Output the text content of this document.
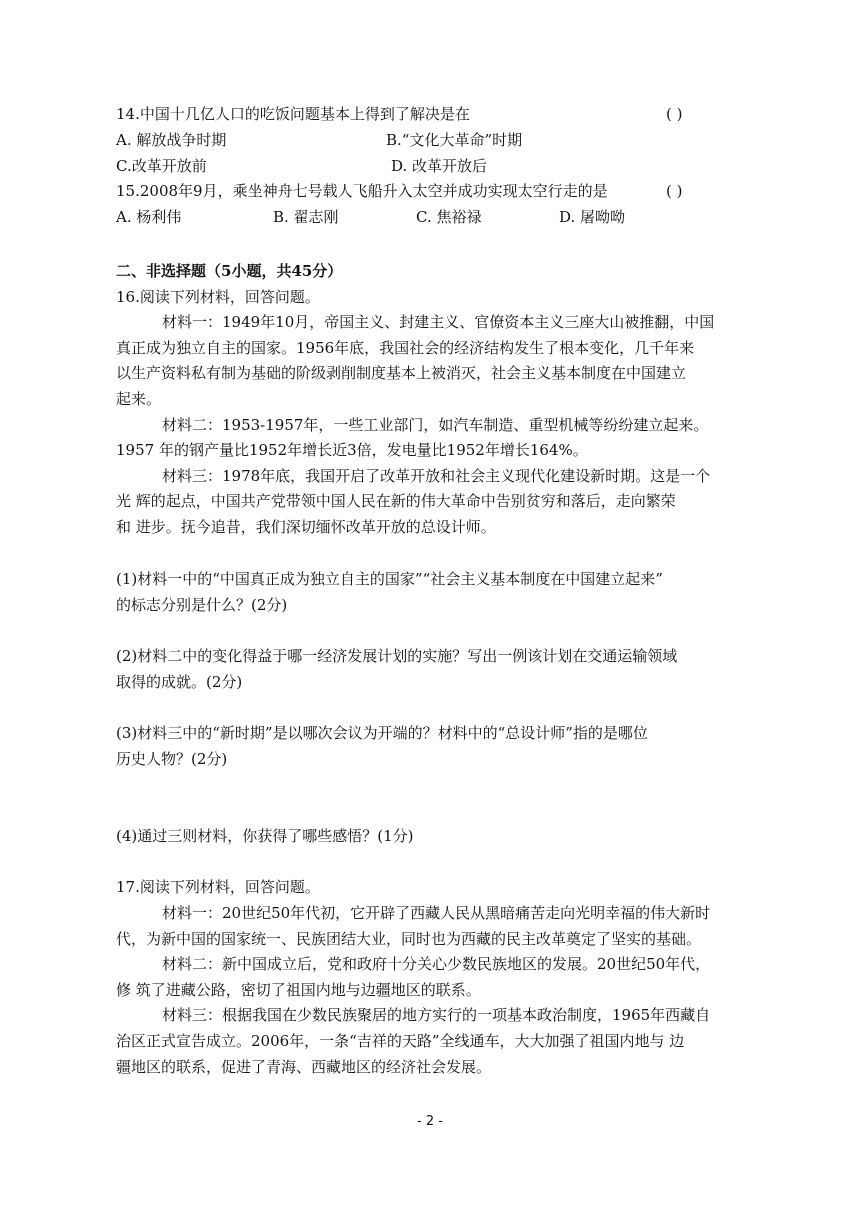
14.中国十几亿人口的吃饭问题基本上得到了解决是在	( )
A. 解放战争时期	B.“文化大革命”时期
C.改革开放前	D. 改革开放后
15.2008年9月，乘坐神舟七号载人飞船升入太空并成功实现太空行走的是	( )
A. 杨利伟	B. 翟志刚	C. 焦裕禄	D. 屠呦呦
二、非选择题（5小题，共45分）
16.阅读下列材料，回答问题。
材料一：1949年10月，帝国主义、封建主义、官僚资本主义三座大山被推翻，中国
真正成为独立自主的国家。1956年底，我国社会的经济结构发生了根本变化，几千年来
以生产资料私有制为基础的阶级剥削制度基本上被消灭，社会主义基本制度在中国建立
起来。
材料二：1953-1957年，一些工业部门，如汽车制造、重型机械等纷纷建立起来。
1957 年的钢产量比1952年增长近3倍，发电量比1952年增长164%。
材料三：1978年底，我国开启了改革开放和社会主义现代化建设新时期。这是一个
光 辉的起点，中国共产党带领中国人民在新的伟大革命中告别贫穷和落后，走向繁荣
和 进步。抚今追昔，我们深切缅怀改革开放的总设计师。
(1)材料一中的“中国真正成为独立自主的国家”“社会主义基本制度在中国建立起来”
的标志分别是什么？(2分)
(2)材料二中的变化得益于哪一经济发展计划的实施？写出一例该计划在交通运输领域
取得的成就。(2分)
(3)材料三中的“新时期”是以哪次会议为开端的？材料中的“总设计师”指的是哪位
历史人物？(2分)
(4)通过三则材料，你获得了哪些感悟？(1分)
17.阅读下列材料，回答问题。
材料一：20世纪50年代初，它开辟了西藏人民从黑暗痛苦走向光明幸福的伟大新时
代，为新中国的国家统一、民族团结大业，同时也为西藏的民主改革奠定了坚实的基础。
材料二：新中国成立后，党和政府十分关心少数民族地区的发展。20世纪50年代，
修 筑了进藏公路，密切了祖国内地与边疆地区的联系。
材料三：根据我国在少数民族聚居的地方实行的一项基本政治制度，1965年西藏自
治区正式宣告成立。2006年，一条“吉祥的天路”全线通车，大大加强了祖国内地与 边
疆地区的联系，促进了青海、西藏地区的经济社会发展。
- 2 -
